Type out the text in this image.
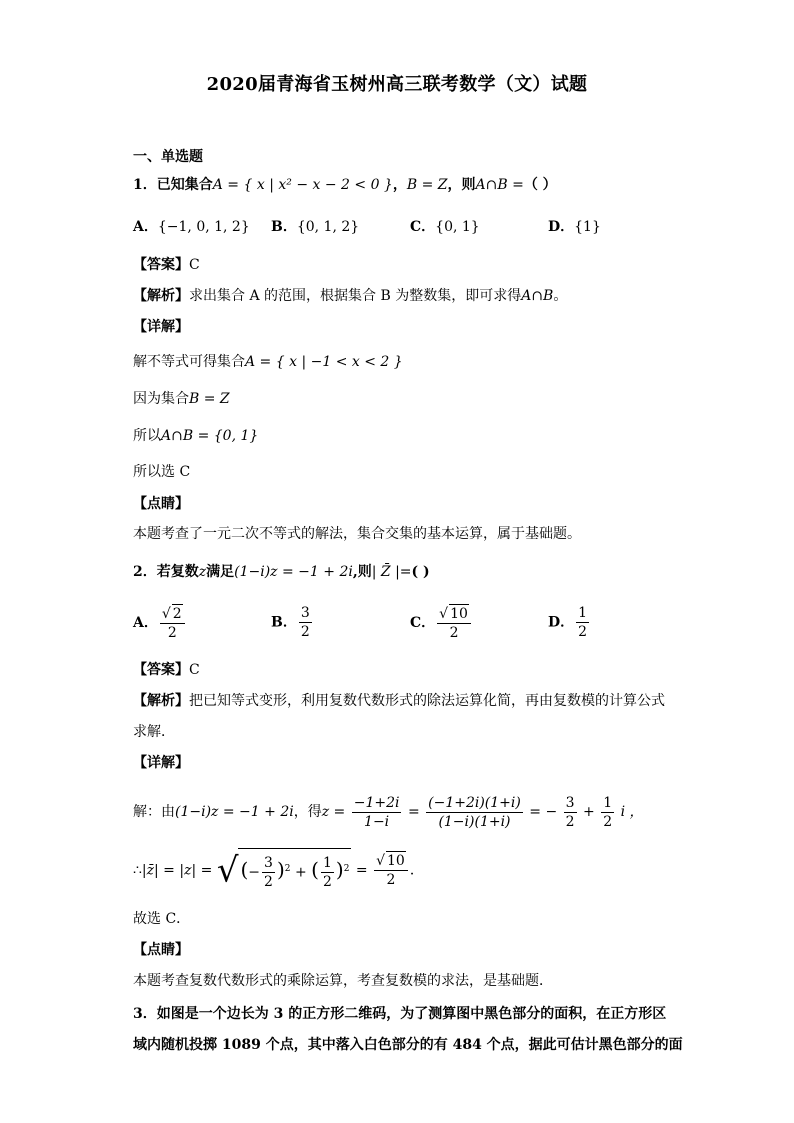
2020届青海省玉树州高三联考数学（文）试题
一、单选题
1．已知集合A = { x | x² − x − 2 < 0 }，B = Z，则A∩B =（ ）
A．{−1, 0, 1, 2} B．{0, 1, 2}	C．{0, 1}	D．{1}
【答案】C
【解析】求出集合 A 的范围，根据集合 B 为整数集，即可求得A∩B。
【详解】
解不等式可得集合A = { x | −1 < x < 2 }
因为集合B = Z
所以A∩B = {0, 1}
所以选 C
【点睛】
本题考查了一元二次不等式的解法，集合交集的基本运算，属于基础题。
2．若复数z满足(1−i)z = −1 + 2i,则| Z̄ |=( )
A． $\frac{√ 2}{2}$	B． $\frac{3}{2}$	C． $\frac{√ 10}{2}$	D． $\frac{1}{2}$
【答案】C
【解析】把已知等式变形，利用复数代数形式的除法运算化简，再由复数模的计算公式
求解．
【详解】
解：由(1−i)z = −1 + 2i，得$z = \frac{-1+2i}{1-i} = \frac{(-1+2i)(1+i)}{(1-i)(1+i)}$ = − $\frac{3}{2} + \frac{1}{2}$ i ，
∴|z̄| = |z| = √ (− $\frac{3}{2} )^2$ + ( $\frac{1}{2} )^2 = \frac{√ 10}{2}$ ．
故选 C．
【点睛】
本题考查复数代数形式的乘除运算，考查复数模的求法，是基础题．
3．如图是一个边长为 3 的正方形二维码，为了测算图中黑色部分的面积，在正方形区
域内随机投掷 1089 个点，其中落入白色部分的有 484 个点，据此可估计黑色部分的面
